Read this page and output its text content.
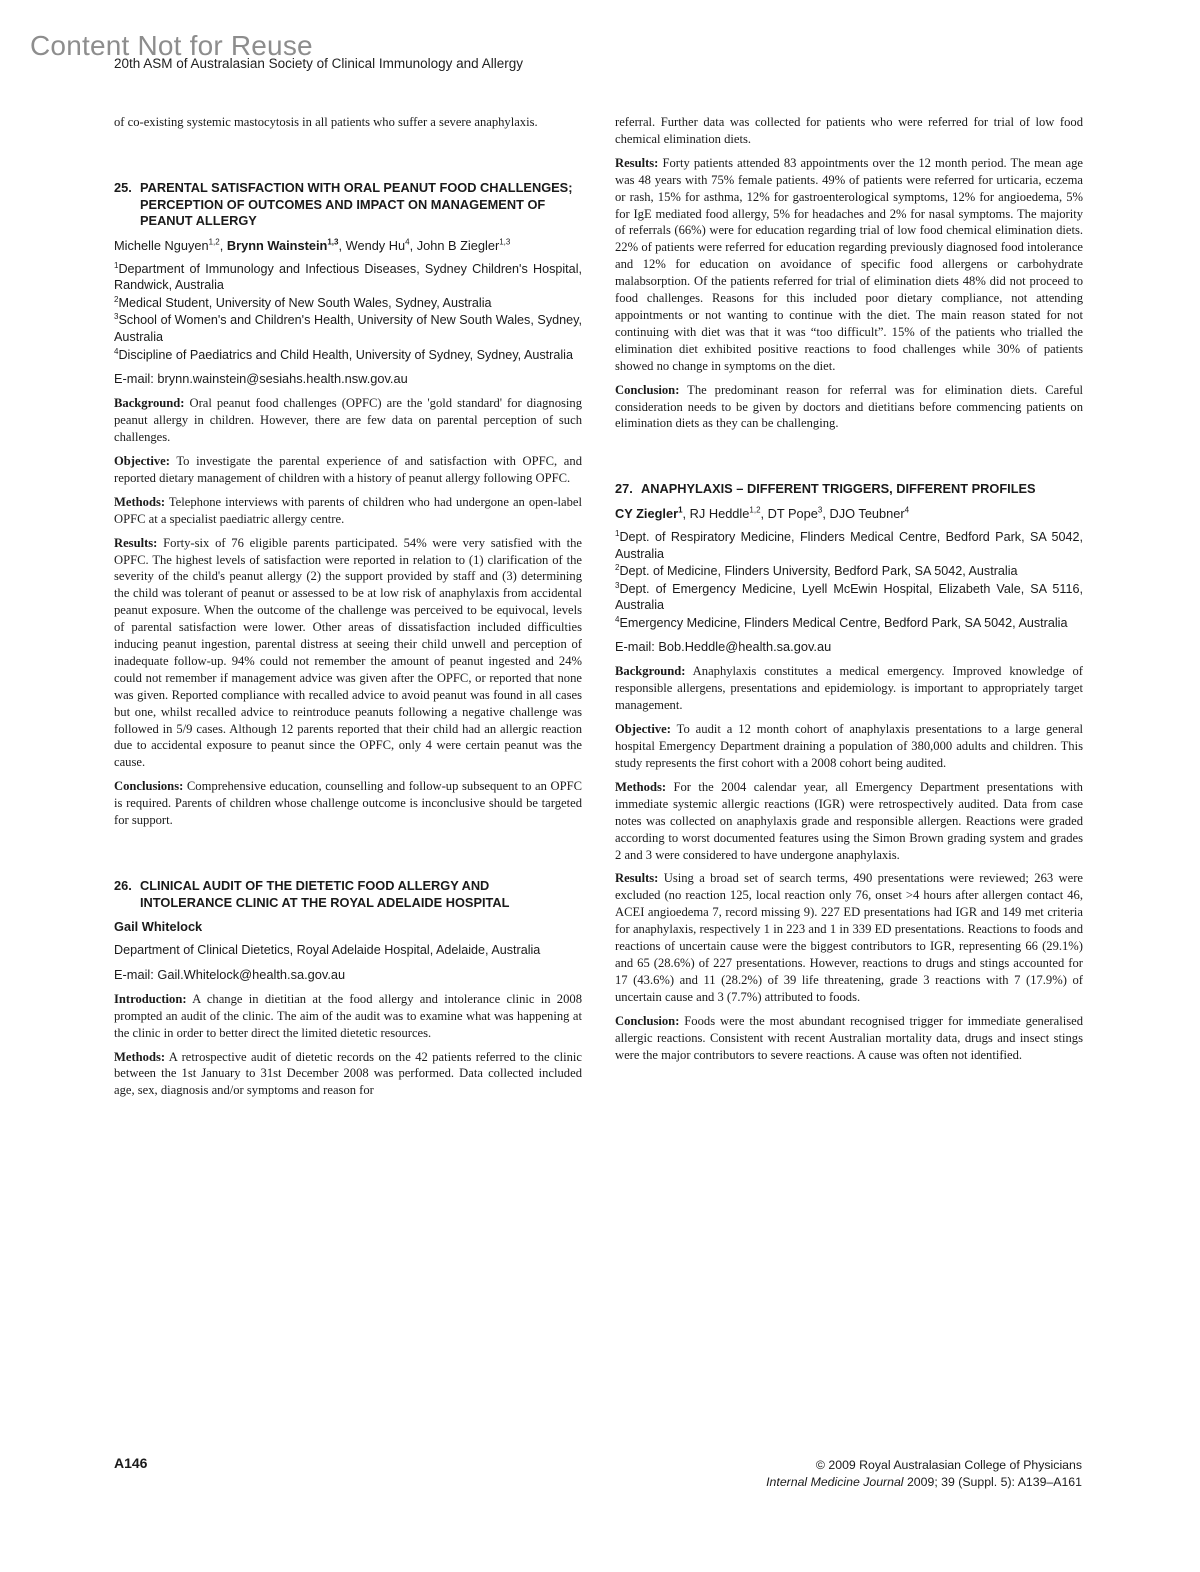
Content Not for Reuse
20th ASM of Australasian Society of Clinical Immunology and Allergy

of co-existing systemic mastocytosis in all patients who suffer a severe anaphylaxis.

25. PARENTAL SATISFACTION WITH ORAL PEANUT FOOD CHALLENGES; PERCEPTION OF OUTCOMES AND IMPACT ON MANAGEMENT OF PEANUT ALLERGY
Michelle Nguyen$^{1,2}$, Brynn Wainstein$^{1,3}$, Wendy Hu$^4$, John B Ziegler$^{1,3}$
$^1$Department of Immunology and Infectious Diseases, Sydney Children's Hospital, Randwick, Australia
$^2$Medical Student, University of New South Wales, Sydney, Australia
$^3$School of Women's and Children's Health, University of New South Wales, Sydney, Australia
$^4$Discipline of Paediatrics and Child Health, University of Sydney, Sydney, Australia
E-mail: brynn.wainstein@sesiahs.health.nsw.gov.au

Background: Oral peanut food challenges (OPFC) are the 'gold standard' for diagnosing peanut allergy in children. However, there are few data on parental perception of such challenges.

Objective: To investigate the parental experience of and satisfaction with OPFC, and reported dietary management of children with a history of peanut allergy following OPFC.

Methods: Telephone interviews with parents of children who had undergone an open-label OPFC at a specialist paediatric allergy centre.

Results: Forty-six of 76 eligible parents participated. 54% were very satisfied with the OPFC. The highest levels of satisfaction were reported in relation to (1) clarification of the severity of the child's peanut allergy (2) the support provided by staff and (3) determining the child was tolerant of peanut or assessed to be at low risk of anaphylaxis from accidental peanut exposure. When the outcome of the challenge was perceived to be equivocal, levels of parental satisfaction were lower. Other areas of dissatisfaction included difficulties inducing peanut ingestion, parental distress at seeing their child unwell and perception of inadequate follow-up. 94% could not remember the amount of peanut ingested and 24% could not remember if management advice was given after the OPFC, or reported that none was given. Reported compliance with recalled advice to avoid peanut was found in all cases but one, whilst recalled advice to reintroduce peanuts following a negative challenge was followed in 5/9 cases. Although 12 parents reported that their child had an allergic reaction due to accidental exposure to peanut since the OPFC, only 4 were certain peanut was the cause.

Conclusions: Comprehensive education, counselling and follow-up subsequent to an OPFC is required. Parents of children whose challenge outcome is inconclusive should be targeted for support.

26. CLINICAL AUDIT OF THE DIETETIC FOOD ALLERGY AND INTOLERANCE CLINIC AT THE ROYAL ADELAIDE HOSPITAL
Gail Whitelock
Department of Clinical Dietetics, Royal Adelaide Hospital, Adelaide, Australia
E-mail: Gail.Whitelock@health.sa.gov.au

Introduction: A change in dietitian at the food allergy and intolerance clinic in 2008 prompted an audit of the clinic. The aim of the audit was to examine what was happening at the clinic in order to better direct the limited dietetic resources.

Methods: A retrospective audit of dietetic records on the 42 patients referred to the clinic between the 1st January to 31st December 2008 was performed. Data collected included age, sex, diagnosis and/or symptoms and reason for

referral. Further data was collected for patients who were referred for trial of low food chemical elimination diets.

Results: Forty patients attended 83 appointments over the 12 month period. The mean age was 48 years with 75% female patients. 49% of patients were referred for urticaria, eczema or rash, 15% for asthma, 12% for gastroenterological symptoms, 12% for angioedema, 5% for IgE mediated food allergy, 5% for headaches and 2% for nasal symptoms. The majority of referrals (66%) were for education regarding trial of low food chemical elimination diets. 22% of patients were referred for education regarding previously diagnosed food intolerance and 12% for education on avoidance of specific food allergens or carbohydrate malabsorption. Of the patients referred for trial of elimination diets 48% did not proceed to food challenges. Reasons for this included poor dietary compliance, not attending appointments or not wanting to continue with the diet. The main reason stated for not continuing with diet was that it was “too difficult”. 15% of the patients who trialled the elimination diet exhibited positive reactions to food challenges while 30% of patients showed no change in symptoms on the diet.

Conclusion: The predominant reason for referral was for elimination diets. Careful consideration needs to be given by doctors and dietitians before commencing patients on elimination diets as they can be challenging.

27. ANAPHYLAXIS – DIFFERENT TRIGGERS, DIFFERENT PROFILES
CY Ziegler$^1$, RJ Heddle$^{1,2}$, DT Pope$^3$, DJO Teubner$^4$
$^1$Dept. of Respiratory Medicine, Flinders Medical Centre, Bedford Park, SA 5042, Australia
$^2$Dept. of Medicine, Flinders University, Bedford Park, SA 5042, Australia
$^3$Dept. of Emergency Medicine, Lyell McEwin Hospital, Elizabeth Vale, SA 5116, Australia
$^4$Emergency Medicine, Flinders Medical Centre, Bedford Park, SA 5042, Australia
E-mail: Bob.Heddle@health.sa.gov.au

Background: Anaphylaxis constitutes a medical emergency. Improved knowledge of responsible allergens, presentations and epidemiology. is important to appropriately target management.

Objective: To audit a 12 month cohort of anaphylaxis presentations to a large general hospital Emergency Department draining a population of 380,000 adults and children. This study represents the first cohort with a 2008 cohort being audited.

Methods: For the 2004 calendar year, all Emergency Department presentations with immediate systemic allergic reactions (IGR) were retrospectively audited. Data from case notes was collected on anaphylaxis grade and responsible allergen. Reactions were graded according to worst documented features using the Simon Brown grading system and grades 2 and 3 were considered to have undergone anaphylaxis.

Results: Using a broad set of search terms, 490 presentations were reviewed; 263 were excluded (no reaction 125, local reaction only 76, onset >4 hours after allergen contact 46, ACEI angioedema 7, record missing 9). 227 ED presentations had IGR and 149 met criteria for anaphylaxis, respectively 1 in 223 and 1 in 339 ED presentations. Reactions to foods and reactions of uncertain cause were the biggest contributors to IGR, representing 66 (29.1%) and 65 (28.6%) of 227 presentations. However, reactions to drugs and stings accounted for 17 (43.6%) and 11 (28.2%) of 39 life threatening, grade 3 reactions with 7 (17.9%) of uncertain cause and 3 (7.7%) attributed to foods.

Conclusion: Foods were the most abundant recognised trigger for immediate generalised allergic reactions. Consistent with recent Australian mortality data, drugs and insect stings were the major contributors to severe reactions. A cause was often not identified.

A146	© 2009 Royal Australasian College of Physicians
Internal Medicine Journal 2009; 39 (Suppl. 5): A139–A161
